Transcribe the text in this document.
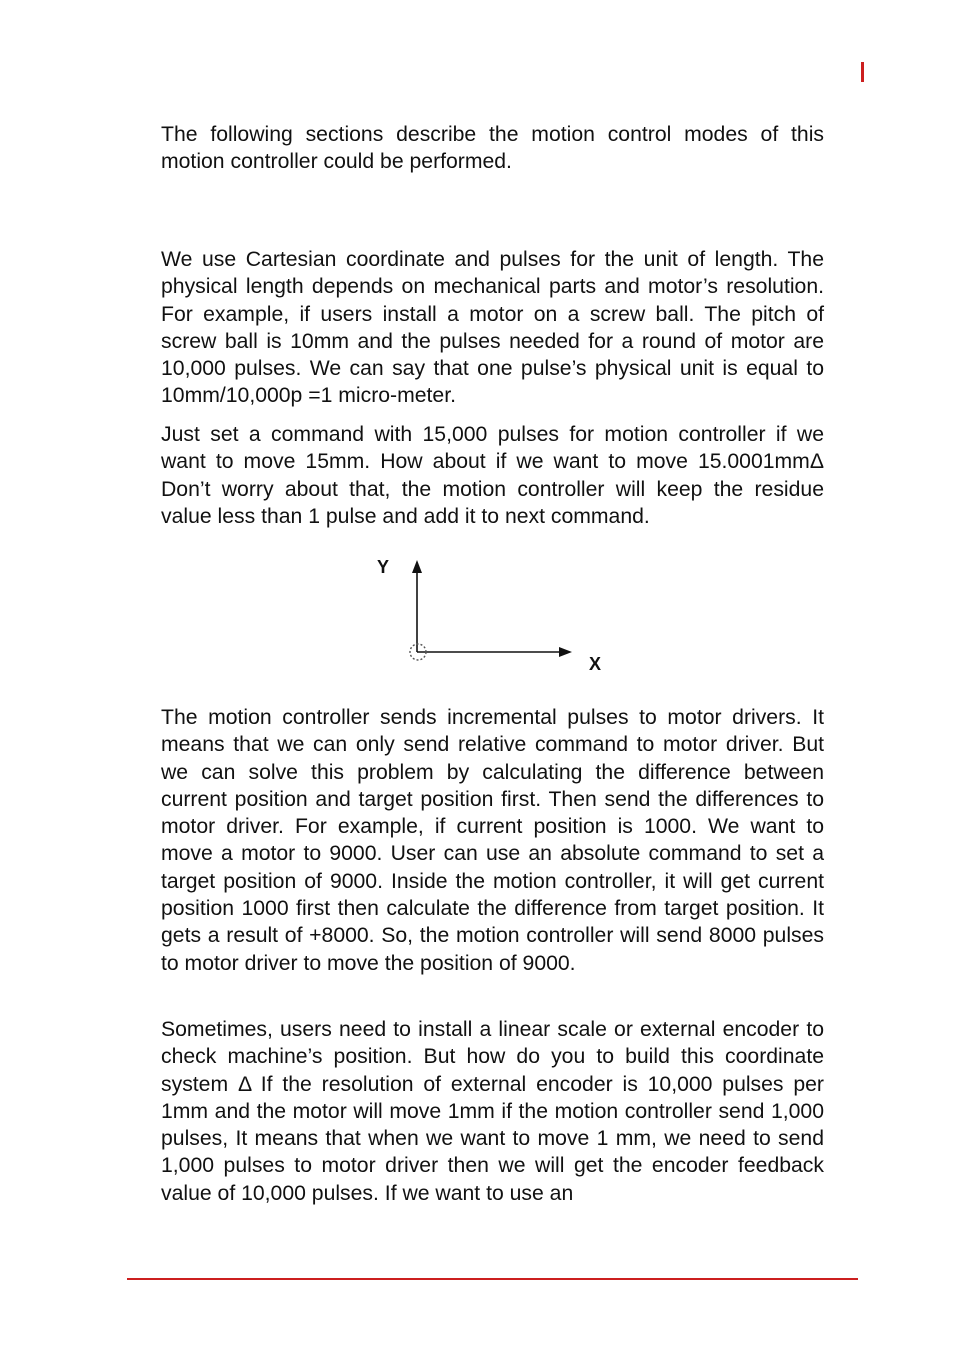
The following sections describe the motion control modes of this motion controller could be performed.

We use Cartesian coordinate and pulses for the unit of length. The physical length depends on mechanical parts and motor’s resolution. For example, if users install a motor on a screw ball. The pitch of screw ball is 10mm and the pulses needed for a round of motor are 10,000 pulses. We can say that one pulse’s physical unit is equal to 10mm/10,000p =1 micro-meter.

Just set a command with 15,000 pulses for motion controller if we want to move 15mm. How about if we want to move 15.0001mmΔ Don’t worry about that, the motion controller will keep the residue value less than 1 pulse and add it to next command.

Y
X

The motion controller sends incremental pulses to motor drivers. It means that we can only send relative command to motor driver. But we can solve this problem by calculating the difference between current position and target position first. Then send the differences to motor driver. For example, if current position is 1000. We want to move a motor to 9000. User can use an absolute command to set a target position of 9000. Inside the motion controller, it will get current position 1000 first then calculate the difference from target position. It gets a result of +8000. So, the motion controller will send 8000 pulses to motor driver to move the position of 9000.

Sometimes, users need to install a linear scale or external encoder to check machine’s position. But how do you to build this coordinate system Δ If the resolution of external encoder is 10,000 pulses per 1mm and the motor will move 1mm if the motion controller send 1,000 pulses, It means that when we want to move 1 mm, we need to send 1,000 pulses to motor driver then we will get the encoder feedback value of 10,000 pulses. If we want to use an
